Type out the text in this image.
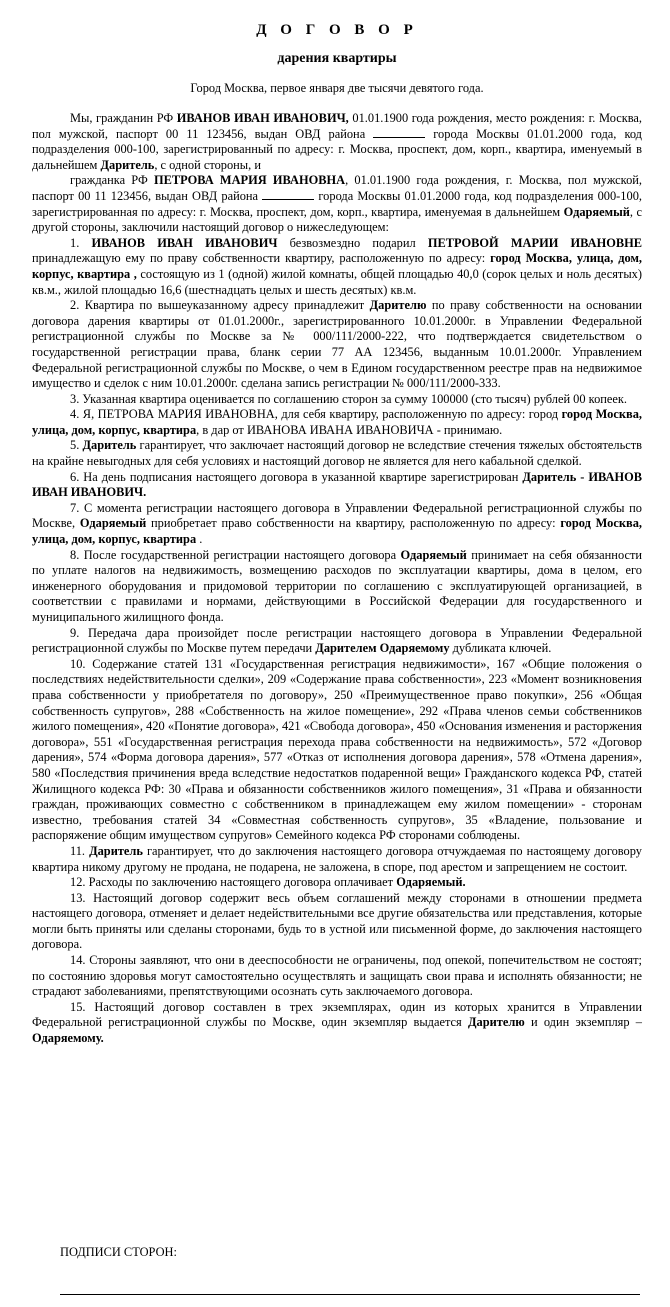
Д О Г О В О Р
дарения квартиры
Город Москва, первое января две тысячи девятого года.

Мы, гражданин РФ ИВАНОВ ИВАН ИВАНОВИЧ, 01.01.1900 года рождения, место рождения: г. Москва, пол мужской, паспорт 00 11 123456, выдан ОВД района	города Москвы 01.01.2000 года, код подразделения 000-100, зарегистрированный по адресу: г. Москва, проспект, дом, корп., квартира, именуемый в дальнейшем Даритель, с одной стороны, и

гражданка РФ ПЕТРОВА МАРИЯ ИВАНОВНА, 01.01.1900 года рождения, г. Москва, пол мужской, паспорт 00 11 123456, выдан ОВД района	города Москвы 01.01.2000 года, код подразделения 000-100, зарегистрированная по адресу: г. Москва, проспект, дом, корп., квартира, именуемая в дальнейшем Одаряемый, с другой стороны, заключили настоящий договор о нижеследующем:

1. ИВАНОВ ИВАН ИВАНОВИЧ безвозмездно подарил ПЕТРОВОЙ МАРИИ ИВАНОВНЕ принадлежащую ему по праву собственности квартиру, расположенную по адресу: город Москва, улица, дом, корпус, квартира , состоящую из 1 (одной) жилой комнаты, общей площадью 40,0 (сорок целых и ноль десятых) кв.м., жилой площадью 16,6 (шестнадцать целых и шесть десятых) кв.м.

2. Квартира по вышеуказанному адресу принадлежит Дарителю по праву собственности на основании договора дарения квартиры от 01.01.2000г., зарегистрированного 10.01.2000г. в Управлении Федеральной регистрационной службы по Москве за № 000/111/2000-222, что подтверждается свидетельством о государственной регистрации права, бланк серии 77 АА 123456, выданным 10.01.2000г. Управлением Федеральной регистрационной службы по Москве, о чем в Едином государственном реестре прав на недвижимое имущество и сделок с ним 10.01.2000г. сделана запись регистрации № 000/111/2000-333.

3. Указанная квартира оценивается по соглашению сторон за сумму 100000 (сто тысяч) рублей 00 копеек.

4. Я, ПЕТРОВА МАРИЯ ИВАНОВНА, для себя квартиру, расположенную по адресу: город город Москва, улица, дом, корпус, квартира, в дар от ИВАНОВА ИВАНА ИВАНОВИЧА - принимаю.

5. Даритель гарантирует, что заключает настоящий договор не вследствие стечения тяжелых обстоятельств на крайне невыгодных для себя условиях и настоящий договор не является для него кабальной сделкой.

6. На день подписания настоящего договора в указанной квартире зарегистрирован Даритель - ИВАНОВ ИВАН ИВАНОВИЧ.

7. С момента регистрации настоящего договора в Управлении Федеральной регистрационной службы по Москве, Одаряемый приобретает право собственности на квартиру, расположенную по адресу: город Москва, улица, дом, корпус, квартира .

8. После государственной регистрации настоящего договора Одаряемый принимает на себя обязанности по уплате налогов на недвижимость, возмещению расходов по эксплуатации квартиры, дома в целом, его инженерного оборудования и придомовой территории по соглашению с эксплуатирующей организацией, в соответствии с правилами и нормами, действующими в Российской Федерации для государственного и муниципального жилищного фонда.

9. Передача дара произойдет после регистрации настоящего договора в Управлении Федеральной регистрационной службы по Москве путем передачи Дарителем Одаряемому дубликата ключей.

10. Содержание статей 131 «Государственная регистрация недвижимости», 167 «Общие положения о последствиях недействительности сделки», 209 «Содержание права собственности», 223 «Момент возникновения права собственности у приобретателя по договору», 250 «Преимущественное право покупки», 256 «Общая собственность супругов», 288 «Собственность на жилое помещение», 292 «Права членов семьи собственников жилого помещения», 420 «Понятие договора», 421 «Свобода договора», 450 «Основания изменения и расторжения договора», 551 «Государственная регистрация перехода права собственности на недвижимость», 572 «Договор дарения», 574 «Форма договора дарения», 577 «Отказ от исполнения договора дарения», 578 «Отмена дарения», 580 «Последствия причинения вреда вследствие недостатков подаренной вещи» Гражданского кодекса РФ, статей Жилищного кодекса РФ: 30 «Права и обязанности собственников жилого помещения», 31 «Права и обязанности граждан, проживающих совместно с собственником в принадлежащем ему жилом помещении» - сторонам известно, требования статей 34 «Совместная собственность супругов», 35 «Владение, пользование и распоряжение общим имуществом супругов» Семейного кодекса РФ сторонами соблюдены.

11. Даритель гарантирует, что до заключения настоящего договора отчуждаемая по настоящему договору квартира никому другому не продана, не подарена, не заложена, в споре, под арестом и запрещением не состоит.

12. Расходы по заключению настоящего договора оплачивает Одаряемый.

13. Настоящий договор содержит весь объем соглашений между сторонами в отношении предмета настоящего договора, отменяет и делает недействительными все другие обязательства или представления, которые могли быть приняты или сделаны сторонами, будь то в устной или письменной форме, до заключения настоящего договора.

14. Стороны заявляют, что они в дееспособности не ограничены, под опекой, попечительством не состоят; по состоянию здоровья могут самостоятельно осуществлять и защищать свои права и исполнять обязанности; не страдают заболеваниями, препятствующими осознать суть заключаемого договора.

15. Настоящий договор составлен в трех экземплярах, один из которых хранится в Управлении Федеральной регистрационной службы по Москве, один экземпляр выдается Дарителю и один экземпляр – Одаряемому.

ПОДПИСИ СТОРОН:
